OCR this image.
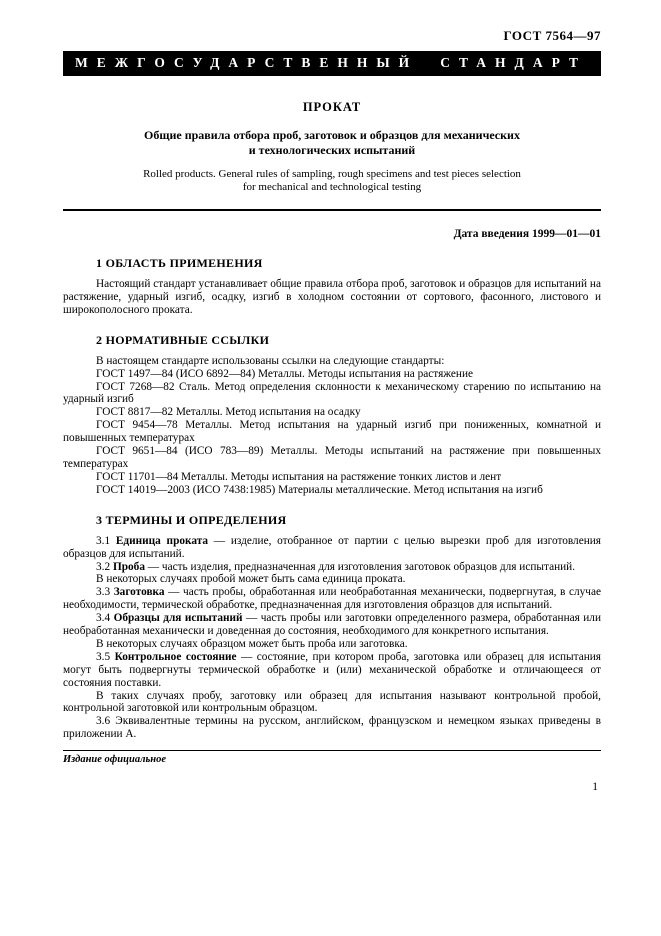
ГОСТ 7564—97
МЕЖГОСУДАРСТВЕННЫЙ СТАНДАРТ
ПРОКАТ
Общие правила отбора проб, заготовок и образцов для механических
и технологических испытаний
Rolled products. General rules of sampling, rough specimens and test pieces selection
for mechanical and technological testing
Дата введения 1999—01—01
1 ОБЛАСТЬ ПРИМЕНЕНИЯ

Настоящий стандарт устанавливает общие правила отбора проб, заготовок и образцов для испытаний на растяжение, ударный изгиб, осадку, изгиб в холодном состоянии от сортового, фасонного, листового и широкополосного проката.

2 НОРМАТИВНЫЕ ССЫЛКИ

В настоящем стандарте использованы ссылки на следующие стандарты:

ГОСТ 1497—84 (ИСО 6892—84) Металлы. Методы испытания на растяжение

ГОСТ 7268—82 Сталь. Метод определения склонности к механическому старению по испытанию на ударный изгиб

ГОСТ 8817—82 Металлы. Метод испытания на осадку

ГОСТ 9454—78 Металлы. Метод испытания на ударный изгиб при пониженных, комнатной и повышенных температурах

ГОСТ 9651—84 (ИСО 783—89) Металлы. Методы испытаний на растяжение при повышенных температурах

ГОСТ 11701—84 Металлы. Методы испытания на растяжение тонких листов и лент

ГОСТ 14019—2003 (ИСО 7438:1985) Материалы металлические. Метод испытания на изгиб

3 ТЕРМИНЫ И ОПРЕДЕЛЕНИЯ

3.1 Единица проката — изделие, отобранное от партии с целью вырезки проб для изготовления образцов для испытаний.

3.2 Проба — часть изделия, предназначенная для изготовления заготовок образцов для испытаний.

В некоторых случаях пробой может быть сама единица проката.

3.3 Заготовка — часть пробы, обработанная или необработанная механически, подвергнутая, в случае необходимости, термической обработке, предназначенная для изготовления образцов для испытаний.

3.4 Образцы для испытаний — часть пробы или заготовки определенного размера, обработанная или необработанная механически и доведенная до состояния, необходимого для конкретного испытания.

В некоторых случаях образцом может быть проба или заготовка.

3.5 Контрольное состояние — состояние, при котором проба, заготовка или образец для испытания могут быть подвергнуты термической обработке и (или) механической обработке и отличающееся от состояния поставки.

В таких случаях пробу, заготовку или образец для испытания называют контрольной пробой, контрольной заготовкой или контрольным образцом.

3.6 Эквивалентные термины на русском, английском, французском и немецком языках приведены в приложении А.

Издание официальное
1
